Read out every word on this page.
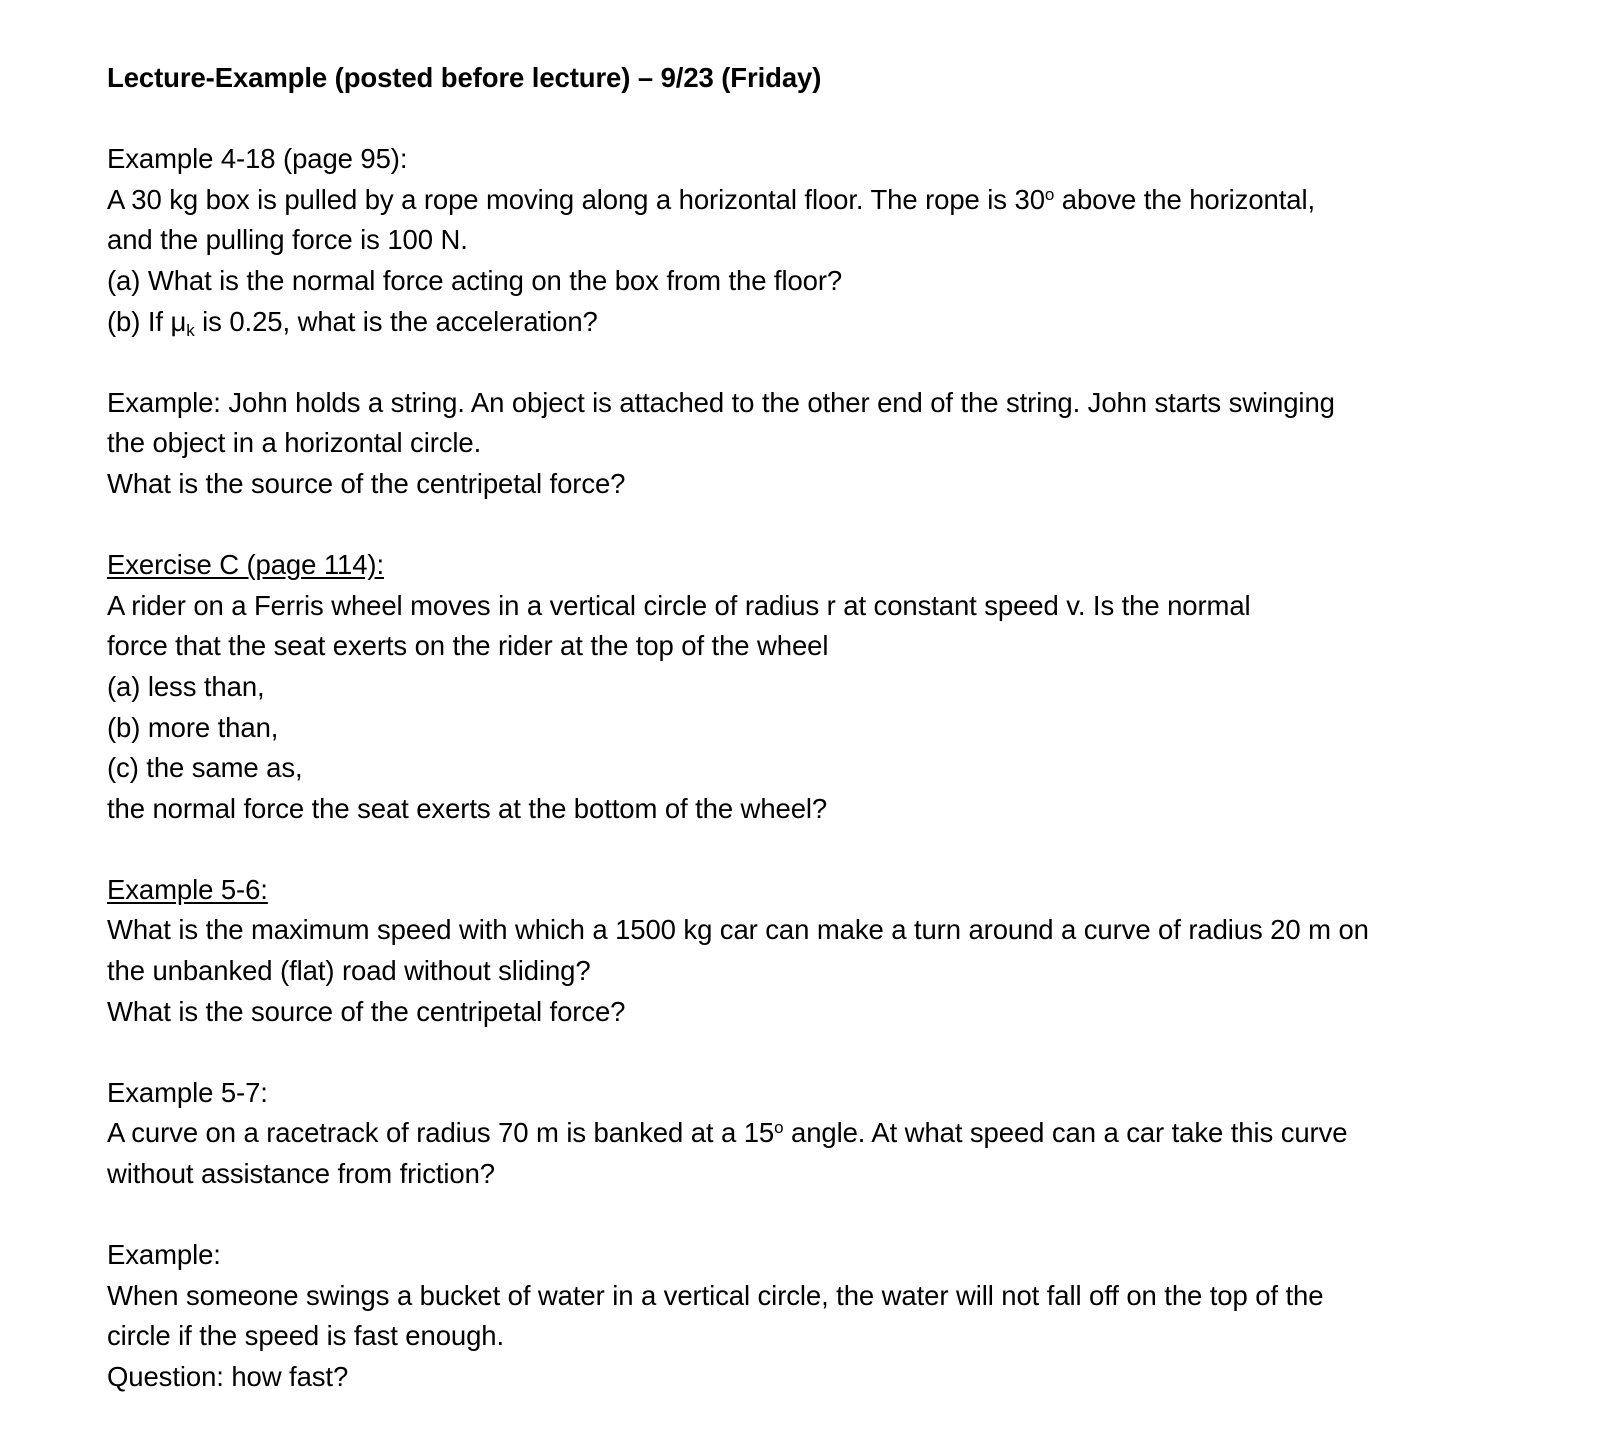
Lecture-Example (posted before lecture) – 9/23 (Friday)

Example 4-18 (page 95):

A 30 kg box is pulled by a rope moving along a horizontal floor. The rope is 30$^o$ above the horizontal,

and the pulling force is 100 N.

(a) What is the normal force acting on the box from the floor?

(b) If $\mu_k$ is 0.25, what is the acceleration?

Example: John holds a string. An object is attached to the other end of the string. John starts swinging

the object in a horizontal circle.

What is the source of the centripetal force?

Exercise C (page 114):

A rider on a Ferris wheel moves in a vertical circle of radius r at constant speed v. Is the normal

force that the seat exerts on the rider at the top of the wheel

(a) less than,

(b) more than,

(c) the same as,

the normal force the seat exerts at the bottom of the wheel?

Example 5-6:

What is the maximum speed with which a 1500 kg car can make a turn around a curve of radius 20 m on

the unbanked (flat) road without sliding?

What is the source of the centripetal force?

Example 5-7:

A curve on a racetrack of radius 70 m is banked at a 15$^o$ angle. At what speed can a car take this curve

without assistance from friction?

Example:

When someone swings a bucket of water in a vertical circle, the water will not fall off on the top of the

circle if the speed is fast enough.

Question: how fast?
